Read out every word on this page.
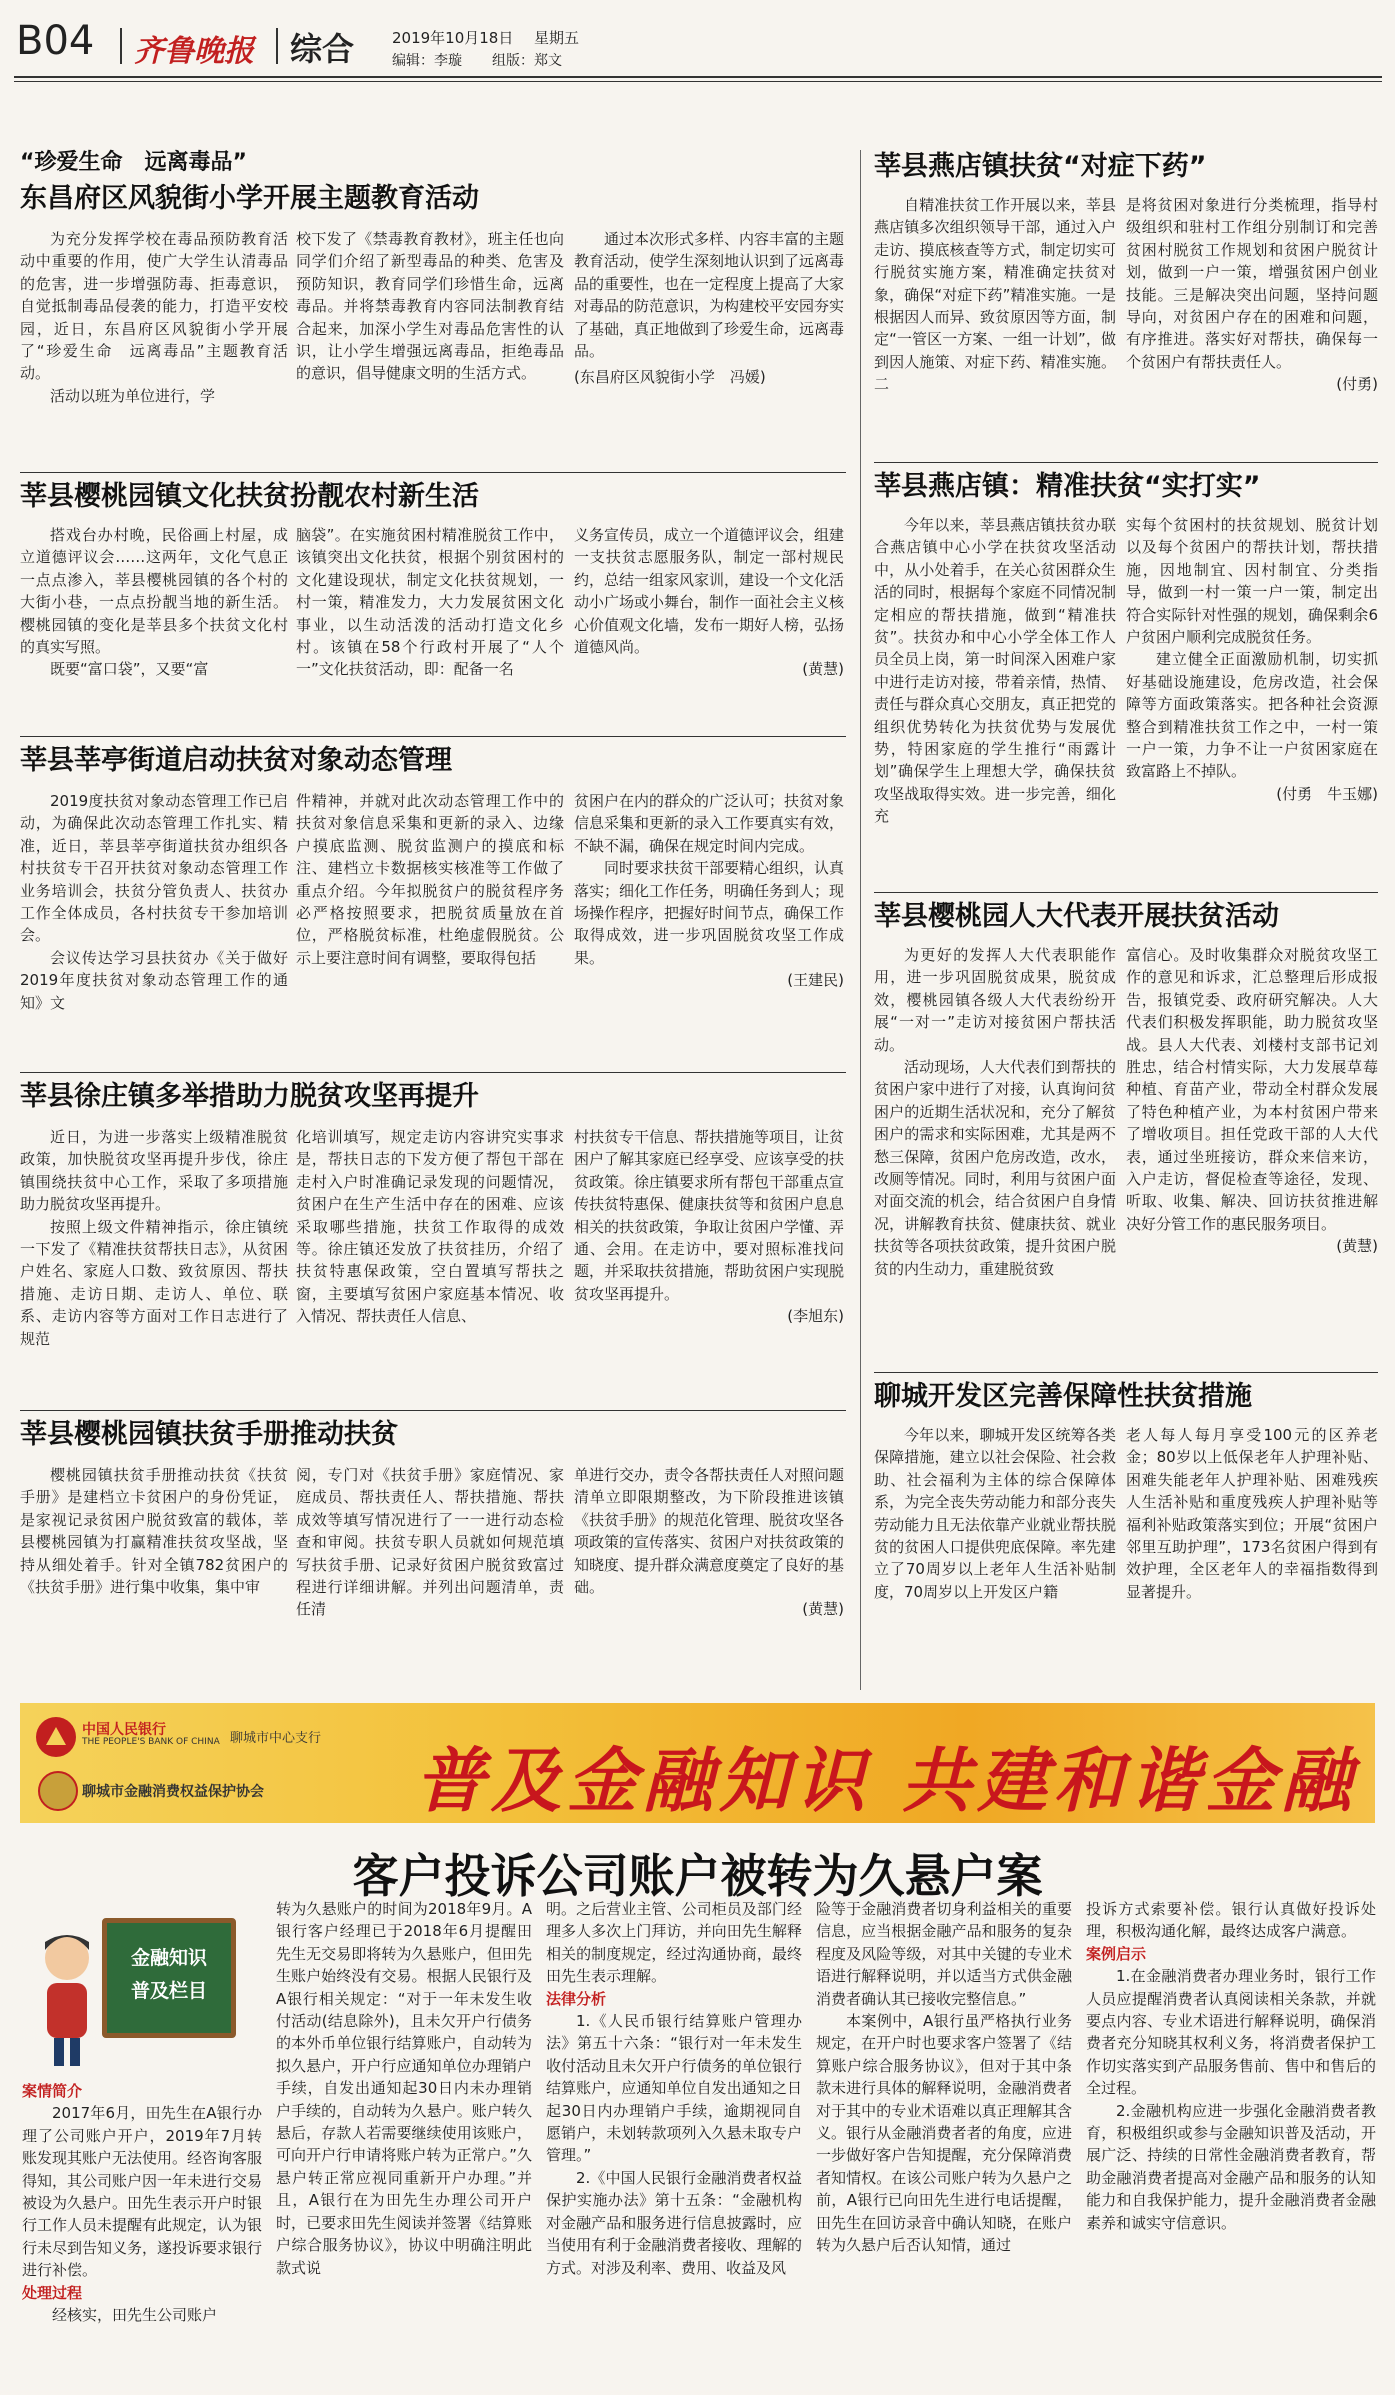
B04 齐鲁晚报 综合	2019年10月18日 星期五
编辑：李璇 组版：郑文
“珍爱生命　远离毒品”
东昌府区风貌街小学开展主题教育活动

为充分发挥学校在毒品预防教育活动中重要的作用，使广大学生认清毒品的危害，进一步增强防毒、拒毒意识，自觉抵制毒品侵袭的能力，打造平安校园，近日，东昌府区风貌街小学开展了“珍爱生命　远离毒品”主题教育活动。

活动以班为单位进行，学

校下发了《禁毒教育教材》，班主任也向同学们介绍了新型毒品的种类、危害及预防知识，教育同学们珍惜生命，远离毒品。并将禁毒教育内容同法制教育结合起来，加深小学生对毒品危害性的认识，让小学生增强远离毒品，拒绝毒品的意识，倡导健康文明的生活方式。

通过本次形式多样、内容丰富的主题教育活动，使学生深刻地认识到了远离毒品的重要性，也在一定程度上提高了大家对毒品的防范意识，为构建校平安园夯实了基础，真正地做到了珍爱生命，远离毒品。

(东昌府区风貌街小学　冯媛)

莘县樱桃园镇文化扶贫扮靓农村新生活

搭戏台办村晚，民俗画上村屋，成立道德评议会……这两年，文化气息正一点点渗入，莘县樱桃园镇的各个村的大街小巷，一点点扮靓当地的新生活。樱桃园镇的变化是莘县多个扶贫文化村的真实写照。

既要“富口袋”，又要“富

脑袋”。在实施贫困村精准脱贫工作中，该镇突出文化扶贫，根据个别贫困村的文化建设现状，制定文化扶贫规划，一村一策，精准发力，大力发展贫困文化事业，以生动活泼的活动打造文化乡村。该镇在58个行政村开展了“人个一”文化扶贫活动，即：配备一名

义务宣传员，成立一个道德评议会，组建一支扶贫志愿服务队，制定一部村规民约，总结一组家风家训，建设一个文化活动小广场或小舞台，制作一面社会主义核心价值观文化墙，发布一期好人榜，弘扬道德风尚。

(黄慧)

莘县莘亭街道启动扶贫对象动态管理

2019度扶贫对象动态管理工作已启动，为确保此次动态管理工作扎实、精准，近日，莘县莘亭街道扶贫办组织各村扶贫专干召开扶贫对象动态管理工作业务培训会，扶贫分管负责人、扶贫办工作全体成员，各村扶贫专干参加培训会。

会议传达学习县扶贫办《关于做好2019年度扶贫对象动态管理工作的通知》文

件精神，并就对此次动态管理工作中的扶贫对象信息采集和更新的录入、边缘户摸底监测、脱贫监测户的摸底和标注、建档立卡数据核实核准等工作做了重点介绍。今年拟脱贫户的脱贫程序务必严格按照要求，把脱贫质量放在首位，严格脱贫标准，杜绝虚假脱贫。公示上要注意时间有调整，要取得包括

贫困户在内的群众的广泛认可；扶贫对象信息采集和更新的录入工作要真实有效，不缺不漏，确保在规定时间内完成。

同时要求扶贫干部要精心组织，认真落实；细化工作任务，明确任务到人；现场操作程序，把握好时间节点，确保工作取得成效，进一步巩固脱贫攻坚工作成果。

(王建民)

莘县徐庄镇多举措助力脱贫攻坚再提升

近日，为进一步落实上级精准脱贫政策，加快脱贫攻坚再提升步伐，徐庄镇围绕扶贫中心工作，采取了多项措施助力脱贫攻坚再提升。

按照上级文件精神指示，徐庄镇统一下发了《精准扶贫帮扶日志》，从贫困户姓名、家庭人口数、致贫原因、帮扶措施、走访日期、走访人、单位、联系、走访内容等方面对工作日志进行了规范

化培训填写，规定走访内容讲究实事求是，帮扶日志的下发方便了帮包干部在走村入户时准确记录发现的问题情况，贫困户在生产生活中存在的困难、应该采取哪些措施，扶贫工作取得的成效等。徐庄镇还发放了扶贫挂历，介绍了扶贫特惠保政策，空白置填写帮扶之窗，主要填写贫困户家庭基本情况、收入情况、帮扶责任人信息、

村扶贫专干信息、帮扶措施等项目，让贫困户了解其家庭已经享受、应该享受的扶贫政策。徐庄镇要求所有帮包干部重点宣传扶贫特惠保、健康扶贫等和贫困户息息相关的扶贫政策，争取让贫困户学懂、弄通、会用。在走访中，要对照标准找问题，并采取扶贫措施，帮助贫困户实现脱贫攻坚再提升。

(李旭东)

莘县樱桃园镇扶贫手册推动扶贫

樱桃园镇扶贫手册推动扶贫《扶贫手册》是建档立卡贫困户的身份凭证，是家视记录贫困户脱贫致富的载体，莘县樱桃园镇为打赢精准扶贫攻坚战，坚持从细处着手。针对全镇782贫困户的《扶贫手册》进行集中收集，集中审

阅，专门对《扶贫手册》家庭情况、家庭成员、帮扶责任人、帮扶措施、帮扶成效等填写情况进行了一一进行动态检查和审阅。扶贫专职人员就如何规范填写扶贫手册、记录好贫困户脱贫致富过程进行详细讲解。并列出问题清单，责任清

单进行交办，责令各帮扶责任人对照问题清单立即限期整改，为下阶段推进该镇《扶贫手册》的规范化管理、脱贫攻坚各项政策的宣传落实、贫困户对扶贫政策的知晓度、提升群众满意度奠定了良好的基础。

(黄慧)

莘县燕店镇扶贫“对症下药”

自精准扶贫工作开展以来，莘县燕店镇多次组织领导干部，通过入户走访、摸底核查等方式，制定切实可行脱贫实施方案，精准确定扶贫对象，确保“对症下药”精准实施。一是根据因人而异、致贫原因等方面，制定“一管区一方案、一组一计划”，做到因人施策、对症下药、精准实施。二

是将贫困对象进行分类梳理，指导村级组织和驻村工作组分别制订和完善贫困村脱贫工作规划和贫困户脱贫计划，做到一户一策，增强贫困户创业技能。三是解决突出问题，坚持问题导向，对贫困户存在的困难和问题，有序推进。落实好对帮扶，确保每一个贫困户有帮扶责任人。

(付勇)

莘县燕店镇：精准扶贫“实打实”

今年以来，莘县燕店镇扶贫办联合燕店镇中心小学在扶贫攻坚活动中，从小处着手，在关心贫困群众生活的同时，根据每个家庭不同情况制定相应的帮扶措施，做到“精准扶贫”。扶贫办和中心小学全体工作人员全员上岗，第一时间深入困难户家中进行走访对接，带着亲情，热情、责任与群众真心交朋友，真正把党的组织优势转化为扶贫优势与发展优势，特困家庭的学生推行“雨露计划”确保学生上理想大学，确保扶贫攻坚战取得实效。进一步完善，细化充

实每个贫困村的扶贫规划、脱贫计划以及每个贫困户的帮扶计划，帮扶措施，因地制宜、因村制宜、分类指导，做到一村一策一户一策，制定出符合实际针对性强的规划，确保剩余6户贫困户顺利完成脱贫任务。

建立健全正面激励机制，切实抓好基础设施建设，危房改造，社会保障等方面政策落实。把各种社会资源整合到精准扶贫工作之中，一村一策一户一策，力争不让一户贫困家庭在致富路上不掉队。

(付勇　牛玉娜)

莘县樱桃园人大代表开展扶贫活动

为更好的发挥人大代表职能作用，进一步巩固脱贫成果，脱贫成效，樱桃园镇各级人大代表纷纷开展“一对一”走访对接贫困户帮扶活动。

活动现场，人大代表们到帮扶的贫困户家中进行了对接，认真询问贫困户的近期生活状况和，充分了解贫困户的需求和实际困难，尤其是两不愁三保障，贫困户危房改造，改水，改厕等情况。同时，利用与贫困户面对面交流的机会，结合贫困户自身情况，讲解教育扶贫、健康扶贫、就业扶贫等各项扶贫政策，提升贫困户脱贫的内生动力，重建脱贫致

富信心。及时收集群众对脱贫攻坚工作的意见和诉求，汇总整理后形成报告，报镇党委、政府研究解决。人大代表们积极发挥职能，助力脱贫攻坚战。县人大代表、刘楼村支部书记刘胜忠，结合村情实际，大力发展草莓种植、育苗产业，带动全村群众发展了特色种植产业，为本村贫困户带来了增收项目。担任党政干部的人大代表，通过坐班接访，群众来信来访，入户走访，督促检查等途径，发现、听取、收集、解决、回访扶贫推进解决好分管工作的惠民服务项目。

(黄慧)

聊城开发区完善保障性扶贫措施

今年以来，聊城开发区统筹各类保障措施，建立以社会保险、社会救助、社会福利为主体的综合保障体系，为完全丧失劳动能力和部分丧失劳动能力且无法依靠产业就业帮扶脱贫的贫困人口提供兜底保障。率先建立了70周岁以上老年人生活补贴制度，70周岁以上开发区户籍

老人每人每月享受100元的区养老金；80岁以上低保老年人护理补贴、困难失能老年人护理补贴、困难残疾人生活补贴和重度残疾人护理补贴等福利补贴政策落实到位；开展“贫困户邻里互助护理”，173名贫困户得到有效护理，全区老年人的幸福指数得到显著提升。

中国人民银行
THE PEOPLE'S BANK OF CHINA 聊城市中心支行
聊城市金融消费权益保护协会 普及金融知识 共建和谐金融
客户投诉公司账户被转为久悬户案
金融知识
普及栏目

案情简介

2017年6月，田先生在A银行办理了公司账户开户，2019年7月转账发现其账户无法使用。经咨询客服得知，其公司账户因一年未进行交易被设为久悬户。田先生表示开户时银行工作人员未提醒有此规定，认为银行未尽到告知义务，遂投诉要求银行进行补偿。

处理过程

经核实，田先生公司账户

转为久悬账户的时间为2018年9月。A银行客户经理已于2018年6月提醒田先生无交易即将转为久悬账户，但田先生账户始终没有交易。根据人民银行及A银行相关规定：“对于一年未发生收付活动(结息除外)，且未欠开户行债务的本外币单位银行结算账户，自动转为拟久悬户，开户行应通知单位办理销户手续，自发出通知起30日内未办理销户手续的，自动转为久悬户。账户转久悬后，存款人若需要继续使用该账户，可向开户行申请将账户转为正常户。”久悬户转正常应视同重新开户办理。”并且，A银行在为田先生办理公司开户时，已要求田先生阅读并签署《结算账户综合服务协议》，协议中明确注明此款式说

明。之后营业主管、公司柜员及部门经理多人多次上门拜访，并向田先生解释相关的制度规定，经过沟通协商，最终田先生表示理解。

法律分析

1.《人民币银行结算账户管理办法》第五十六条：“银行对一年未发生收付活动且未欠开户行债务的单位银行结算账户，应通知单位自发出通知之日起30日内办理销户手续，逾期视同自愿销户，未划转款项列入久悬未取专户管理。”

2.《中国人民银行金融消费者权益保护实施办法》第十五条：“金融机构对金融产品和服务进行信息披露时，应当使用有利于金融消费者接收、理解的方式。对涉及利率、费用、收益及风

险等于金融消费者切身利益相关的重要信息，应当根据金融产品和服务的复杂程度及风险等级，对其中关键的专业术语进行解释说明，并以适当方式供金融消费者确认其已接收完整信息。”

本案例中，A银行虽严格执行业务规定，在开户时也要求客户签署了《结算账户综合服务协议》，但对于其中条款未进行具体的解释说明，金融消费者对于其中的专业术语难以真正理解其含义。银行从金融消费者者的角度，应进一步做好客户告知提醒，充分保障消费者知情权。在该公司账户转为久悬户之前，A银行已向田先生进行电话提醒，田先生在回访录音中确认知晓，在账户转为久悬户后否认知情，通过

投诉方式索要补偿。银行认真做好投诉处理，积极沟通化解，最终达成客户满意。

案例启示

1.在金融消费者办理业务时，银行工作人员应提醒消费者认真阅读相关条款，并就要点内容、专业术语进行解释说明，确保消费者充分知晓其权利义务，将消费者保护工作切实落实到产品服务售前、售中和售后的全过程。

2.金融机构应进一步强化金融消费者教育，积极组织或参与金融知识普及活动，开展广泛、持续的日常性金融消费者教育，帮助金融消费者提高对金融产品和服务的认知能力和自我保护能力，提升金融消费者金融素养和诚实守信意识。
